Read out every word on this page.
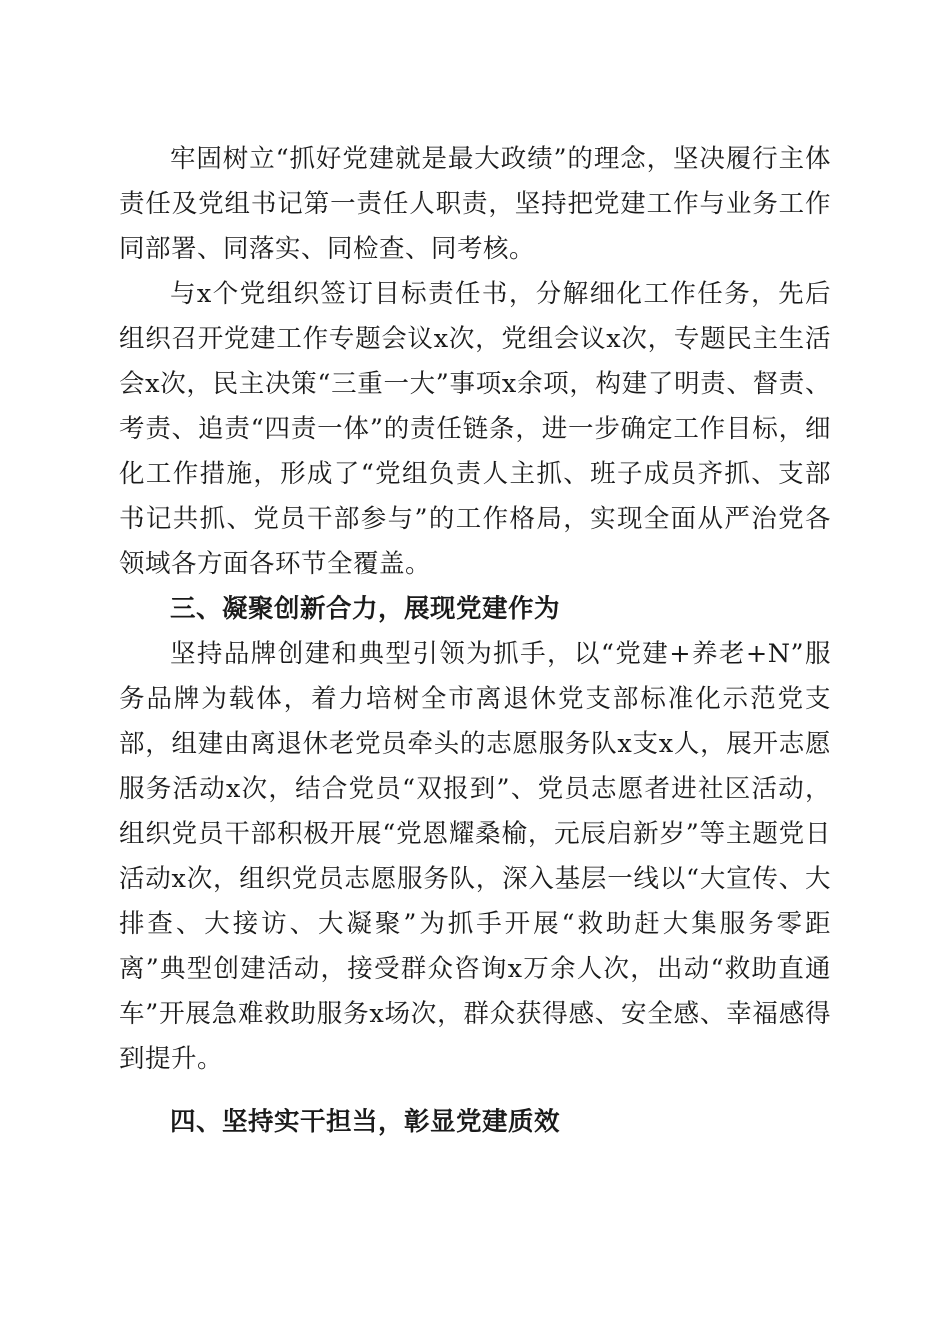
牢固树立“抓好党建就是最大政绩”的理念，坚决履行主体责任及党组书记第一责任人职责，坚持把党建工作与业务工作同部署、同落实、同检查、同考核。

与x个党组织签订目标责任书，分解细化工作任务，先后组织召开党建工作专题会议x次，党组会议x次，专题民主生活会x次，民主决策“三重一大”事项x余项，构建了明责、督责、考责、追责“四责一体”的责任链条，进一步确定工作目标，细化工作措施，形成了“党组负责人主抓、班子成员齐抓、支部书记共抓、党员干部参与”的工作格局，实现全面从严治党各领域各方面各环节全覆盖。

三、凝聚创新合力，展现党建作为

坚持品牌创建和典型引领为抓手，以“党建+养老+N”服务品牌为载体，着力培树全市离退休党支部标准化示范党支部，组建由离退休老党员牵头的志愿服务队x支x人，展开志愿服务活动x次，结合党员“双报到”、党员志愿者进社区活动，组织党员干部积极开展“党恩耀桑榆，元辰启新岁”等主题党日活动x次，组织党员志愿服务队，深入基层一线以“大宣传、大排查、大接访、大凝聚”为抓手开展“救助赶大集服务零距离”典型创建活动，接受群众咨询x万余人次，出动“救助直通车”开展急难救助服务x场次，群众获得感、安全感、幸福感得到提升。

四、坚持实干担当，彰显党建质效
